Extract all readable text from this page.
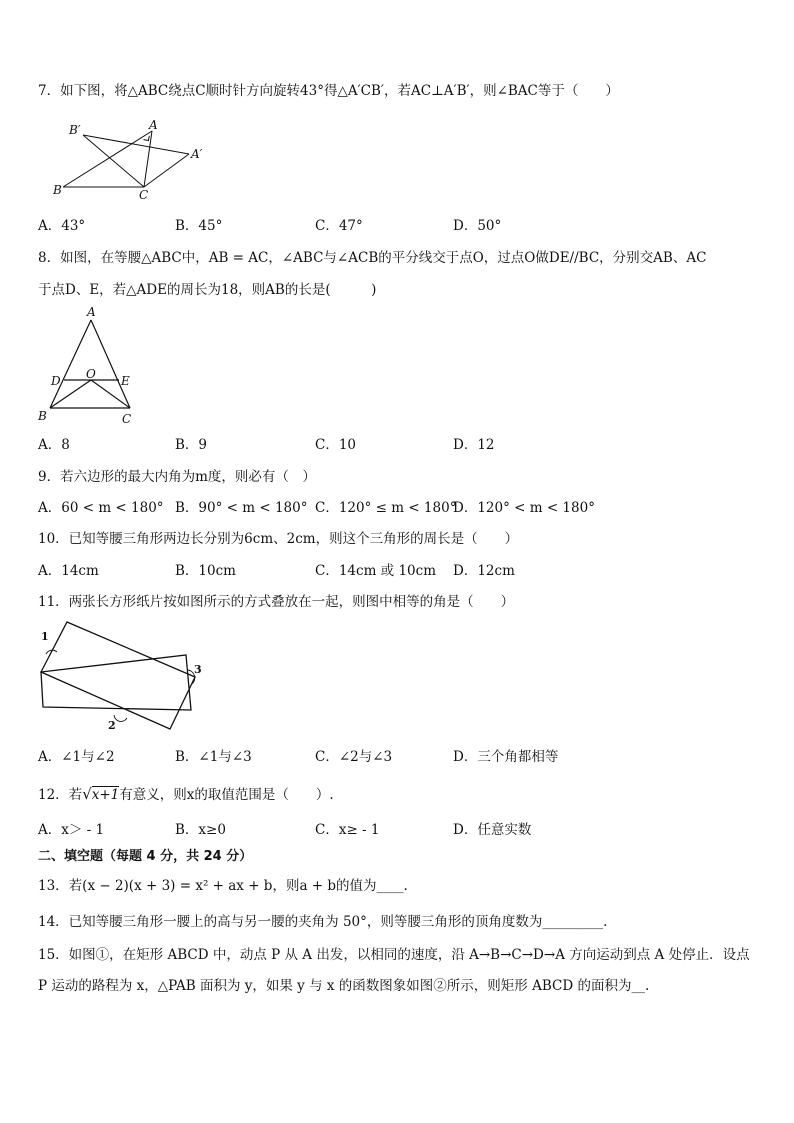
7．如下图，将△ABC绕点C顺时针方向旋转43°得△A′CB′，若AC⊥A′B′，则∠BAC等于（　　）
B′	A
A′
B	C
A．43°	B．45°	C．47°	D．50°
8．如图，在等腰△ABC中，AB = AC，∠ABC与∠ACB的平分线交于点O，过点O做DE//BC，分别交AB、AC
于点D、E，若△ADE的周长为18，则AB的长是(　　　)
A
D O E
B	C
A．8	B．9	C．10	D．12
9．若六边形的最大内角为m度，则必有（　）
A．60 < m < 180° B．90° < m < 180° C．120° ≤ m < 180°
D．120° < m < 180°
10．已知等腰三角形两边长分别为6cm、2cm，则这个三角形的周长是（　　）
A．14cm	B．10cm	C．14cm 或 10cm D．12cm
11．两张长方形纸片按如图所示的方式叠放在一起，则图中相等的角是（　　）
1
2
3
A．∠1与∠2	B．∠1与∠3	C．∠2与∠3	D．三个角都相等
12．若√x+1有意义，则x的取值范围是（　　）.
A．x＞ - 1	B．x≥0	C．x≥ - 1	D．任意实数
二、填空题（每题 4 分，共 24 分）
13．若(x − 2)(x + 3) = x² + ax + b，则a + b的值为____.
14．已知等腰三角形一腰上的高与另一腰的夹角为 50°，则等腰三角形的顶角度数为_________.
15．如图①，在矩形 ABCD 中，动点 P 从 A 出发，以相同的速度，沿 A→B→C→D→A 方向运动到点 A 处停止．设点
P 运动的路程为 x，△PAB 面积为 y，如果 y 与 x 的函数图象如图②所示，则矩形 ABCD 的面积为__.
